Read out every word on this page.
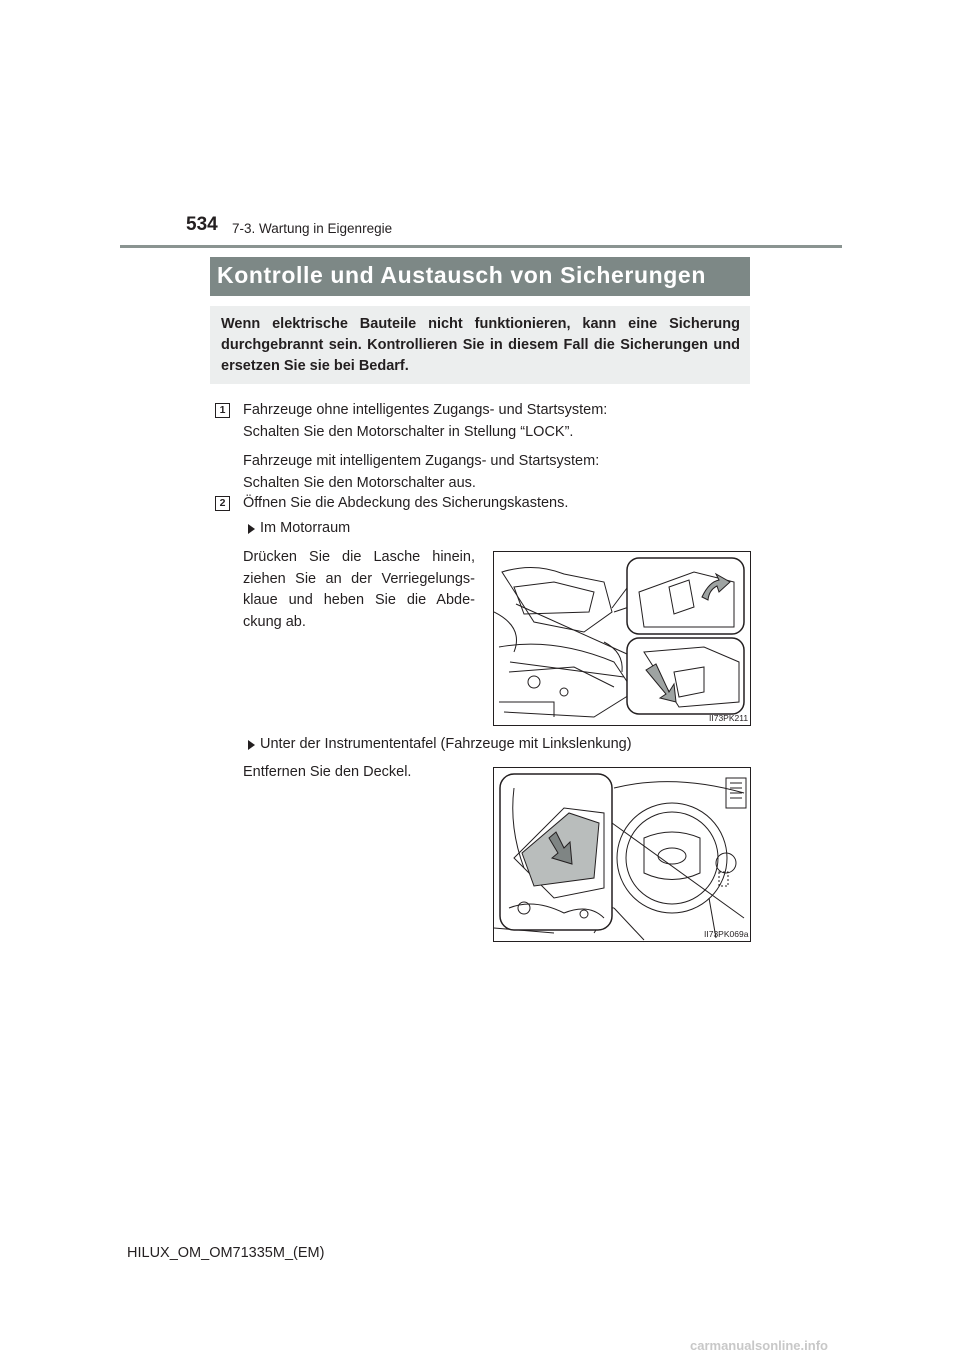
534 7-3. Wartung in Eigenregie
Kontrolle und Austausch von Sicherungen
Wenn elektrische Bauteile nicht funktionieren, kann eine Sicherung durchgebrannt sein. Kontrollieren Sie in diesem Fall die Sicherungen und ersetzen Sie sie bei Bedarf.
1	Fahrzeuge ohne intelligentes Zugangs- und Startsystem:
Schalten Sie den Motorschalter in Stellung “LOCK”.
Fahrzeuge mit intelligentem Zugangs- und Startsystem:
Schalten Sie den Motorschalter aus.
2	Öffnen Sie die Abdeckung des Sicherungskastens.
Im Motorraum
Drücken Sie die Lasche hinein,
ziehen Sie an der Verriegelungs-
klaue und heben Sie die Abde-
ckung ab.
II73PK211
Unter der Instrumententafel (Fahrzeuge mit Linkslenkung)
Entfernen Sie den Deckel.
II73PK069a
HILUX_OM_OM71335M_(EM)
carmanualsonline.info
